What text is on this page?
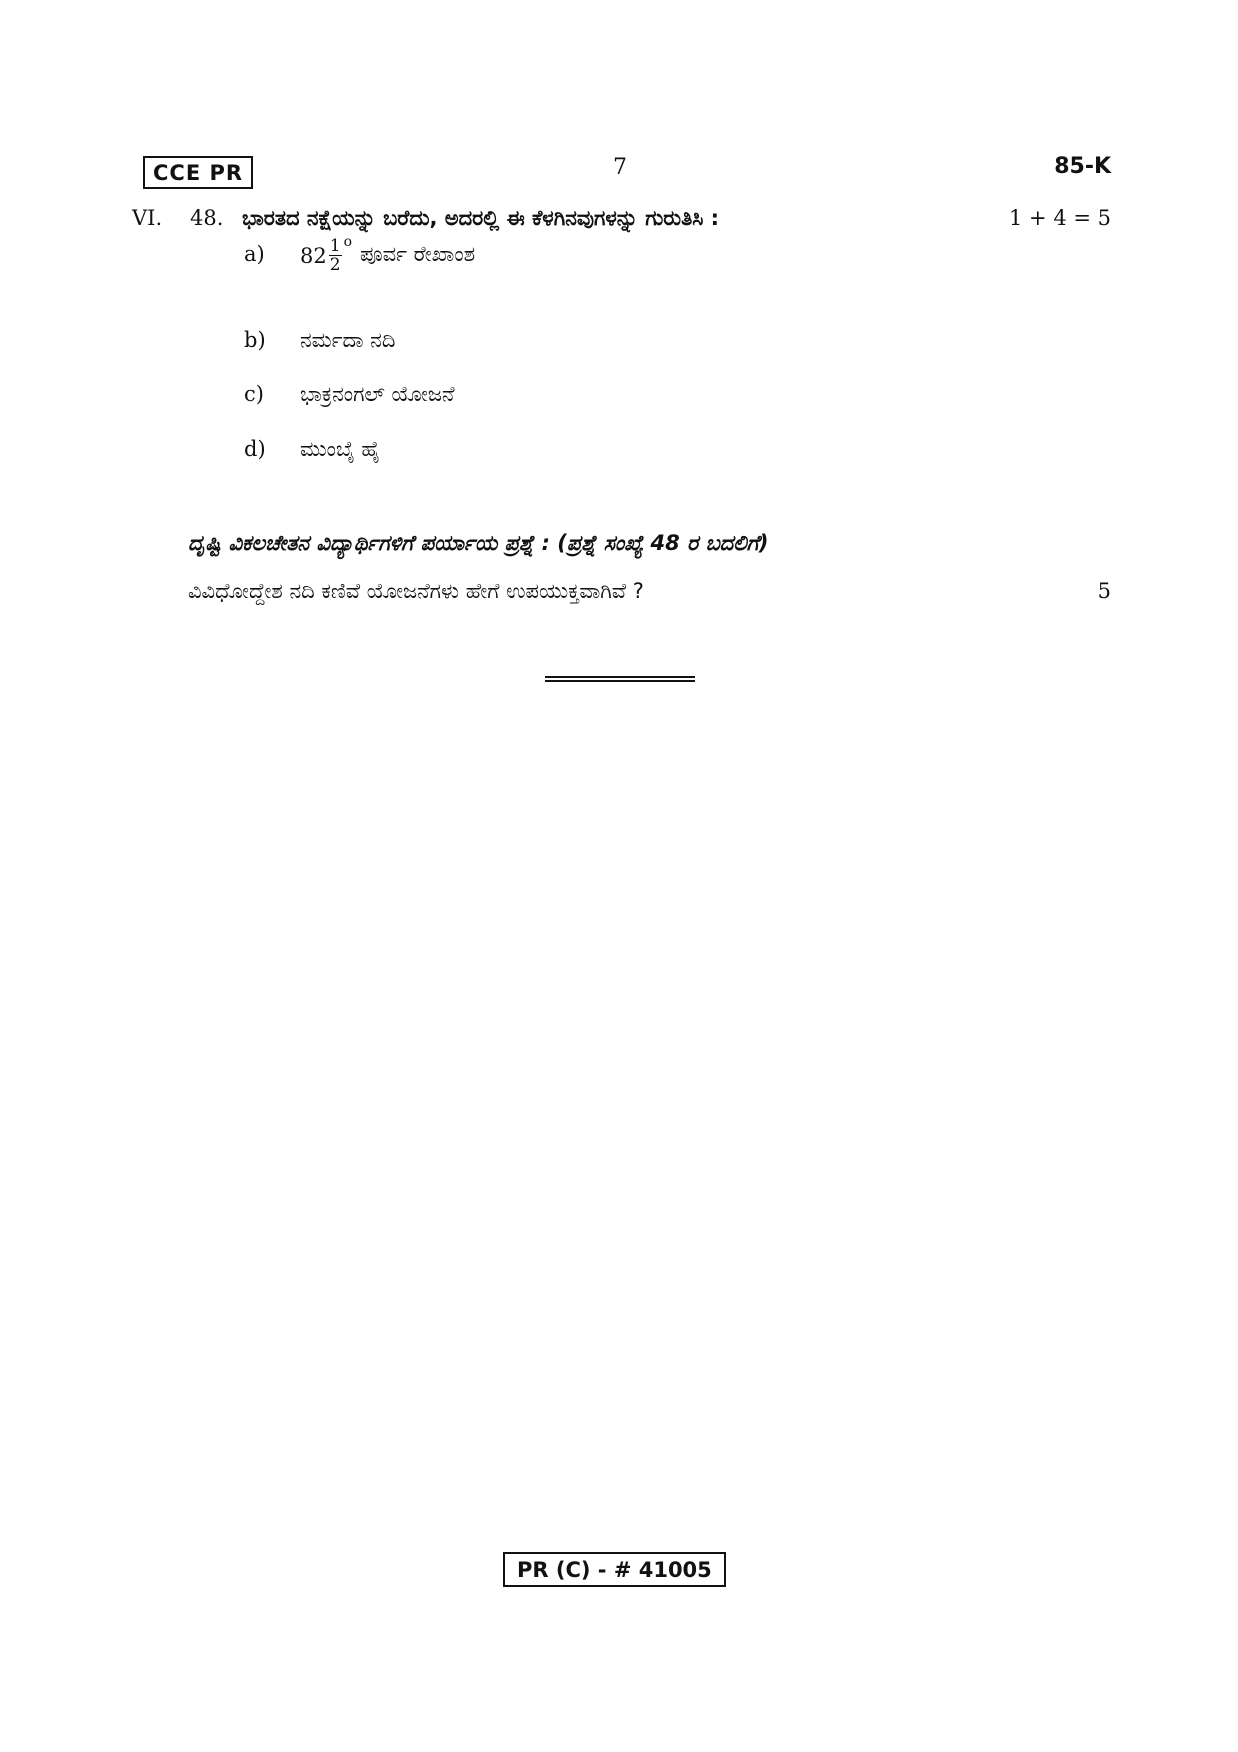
CCE PR	7	85-K
VI. 48. ಭಾರತದ ನಕ್ಷೆಯನ್ನು ಬರೆದು, ಅದರಲ್ಲಿ ಈ ಕೆಳಗಿನವುಗಳನ್ನು ಗುರುತಿಸಿ :	1 + 4 = 5
a) $82 \frac{1}{2}$ o ಪೂರ್ವ ರೇಖಾಂಶ
b) ನರ್ಮದಾ ನದಿ
c) ಭಾಕ್ರನಂಗಲ್ ಯೋಜನೆ
d) ಮುಂಬೈ ಹೈ
ದೃಷ್ಟಿ ವಿಕಲಚೇತನ ವಿದ್ಯಾರ್ಥಿಗಳಿಗೆ ಪರ್ಯಾಯ ಪ್ರಶ್ನೆ : (ಪ್ರಶ್ನೆ ಸಂಖ್ಯೆ 48 ರ ಬದಲಿಗೆ)
ವಿವಿಧೋದ್ದೇಶ ನದಿ ಕಣಿವೆ ಯೋಜನೆಗಳು ಹೇಗೆ ಉಪಯುಕ್ತವಾಗಿವೆ ?	5
PR (C) - # 41005
